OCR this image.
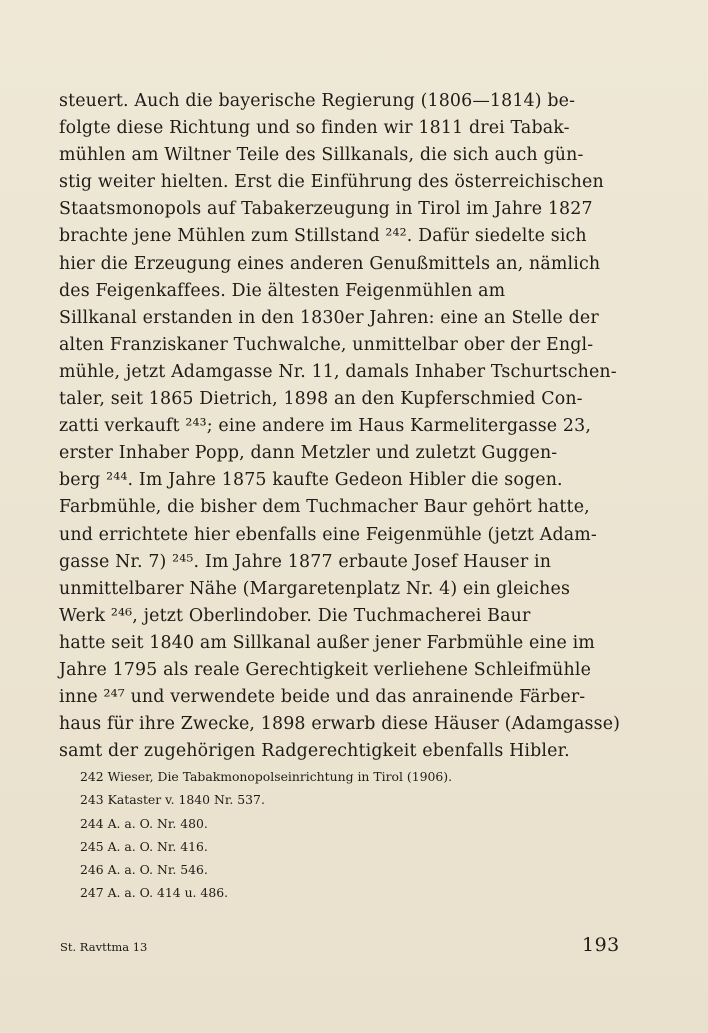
steuert. Auch die bayerische Regierung (1806—1814) be-
folgte diese Richtung und so finden wir 1811 drei Tabak-
mühlen am Wiltner Teile des Sillkanals, die sich auch gün-
stig weiter hielten. Erst die Einführung des österreichischen
Staatsmonopols auf Tabakerzeugung in Tirol im Jahre 1827
brachte jene Mühlen zum Stillstand ²⁴². Dafür siedelte sich
hier die Erzeugung eines anderen Genußmittels an, nämlich
des Feigenkaffees. Die ältesten Feigenmühlen am
Sillkanal erstanden in den 1830er Jahren: eine an Stelle der
alten Franziskaner Tuchwalche, unmittelbar ober der Engl-
mühle, jetzt Adamgasse Nr. 11, damals Inhaber Tschurtschen-
taler, seit 1865 Dietrich, 1898 an den Kupferschmied Con-
zatti verkauft ²⁴³; eine andere im Haus Karmelitergasse 23,
erster Inhaber Popp, dann Metzler und zuletzt Guggen-
berg ²⁴⁴. Im Jahre 1875 kaufte Gedeon Hibler die sogen.
Farbmühle, die bisher dem Tuchmacher Baur gehört hatte,
und errichtete hier ebenfalls eine Feigenmühle (jetzt Adam-
gasse Nr. 7) ²⁴⁵. Im Jahre 1877 erbaute Josef Hauser in
unmittelbarer Nähe (Margaretenplatz Nr. 4) ein gleiches
Werk ²⁴⁶, jetzt Oberlindober. Die Tuchmacherei Baur
hatte seit 1840 am Sillkanal außer jener Farbmühle eine im
Jahre 1795 als reale Gerechtigkeit verliehene Schleifmühle
inne ²⁴⁷ und verwendete beide und das anrainende Färber-
haus für ihre Zwecke, 1898 erwarb diese Häuser (Adamgasse)
samt der zugehörigen Radgerechtigkeit ebenfalls Hibler.
242 Wieser, Die Tabakmonopolseinrichtung in Tirol (1906).
243 Kataster v. 1840 Nr. 537.
244 A. a. O. Nr. 480.
245 A. a. O. Nr. 416.
246 A. a. O. Nr. 546.
247 A. a. O. 414 u. 486.
St. Ravttma 13	193
